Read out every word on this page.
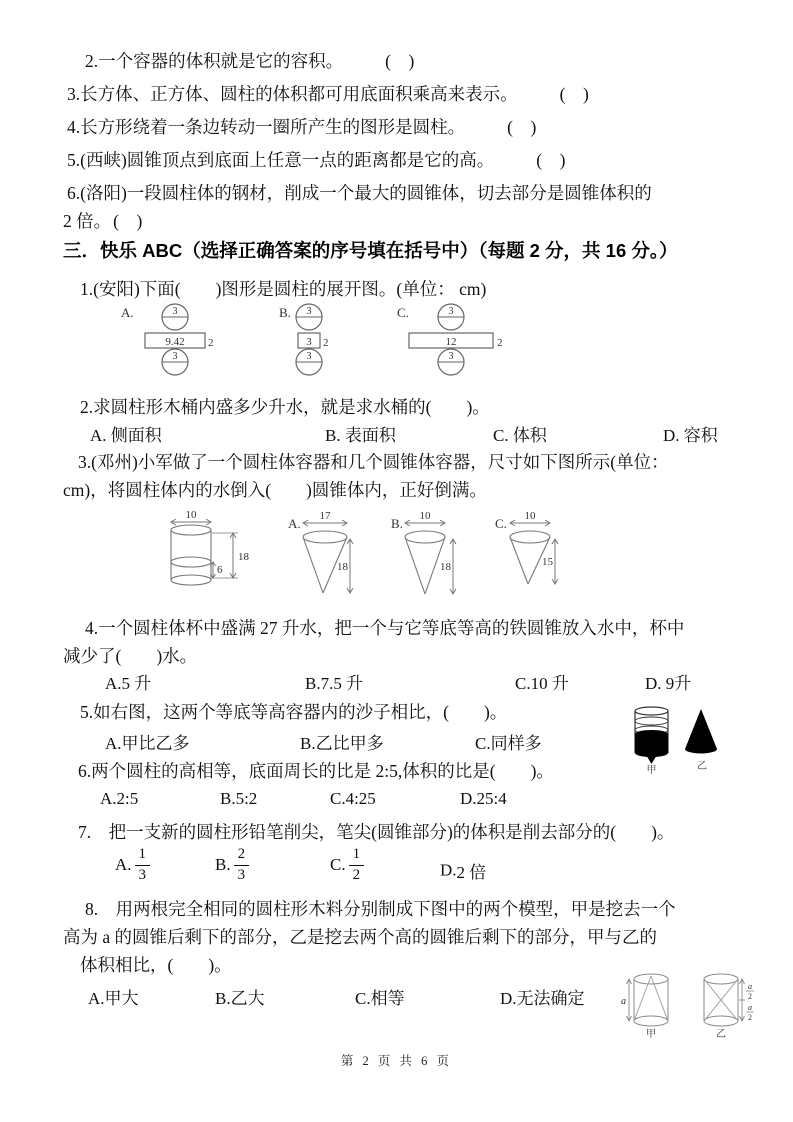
2.一个容器的体积就是它的容积。 (　)
3.长方体、正方体、圆柱的体积都可用底面积乘高来表示。 (　)
4.长方形绕着一条边转动一圈所产生的图形是圆柱。 (　)
5.(西峡)圆锥顶点到底面上任意一点的距离都是它的高。 (　)
6.(洛阳)一段圆柱体的钢材，削成一个最大的圆锥体，切去部分是圆锥体积的
2 倍。 (　)
三．快乐 ABC（选择正确答案的序号填在括号中）（每题 2 分，共 16 分。）
1.(安阳)下面(　　)图形是圆柱的展开图。(单位： cm)
A.	3
9.42 2
3
B. 3
3 2
3
C.	3
12	2
3
2.求圆柱形木桶内盛多少升水，就是求水桶的(　　)。
A. 侧面积	B. 表面积	C. 体积	D. 容积
3.(邓州)小军做了一个圆柱体容器和几个圆锥体容器，尺寸如下图所示(单位：
cm)，将圆柱体内的水倒入(　　)圆锥体内，正好倒满。
10
18
6
A. 17
18
B. 10
18
C. 10
15
4.一个圆柱体杯中盛满 27 升水，把一个与它等底等高的铁圆锥放入水中，杯中
减少了(　　)水。
A.5 升	B.7.5 升	C.10 升	D. 9升
5.如右图，这两个等底等高容器内的沙子相比，(　　)。
A.甲比乙多	B.乙比甲多	C.同样多
甲	乙
6.两个圆柱的高相等，底面周长的比是 2:5,体积的比是(　　)。
A.2:5	B.5:2	C.4:25	D.25:4
7.　把一支新的圆柱形铅笔削尖，笔尖(圆锥部分)的体积是削去部分的(　　)。
A. $\frac{1}{3}$	B. $\frac{2}{3}$	C. $\frac{1}{2}$	D.2 倍
8.　用两根完全相同的圆柱形木料分别制成下图中的两个模型，甲是挖去一个
高为 a 的圆锥后剩下的部分，乙是挖去两个高的圆锥后剩下的部分，甲与乙的
体积相比，(　　)。
A.甲大	B.乙大	C.相等	D.无法确定	a
甲
a
2
a
2
乙
第 2 页 共 6 页
